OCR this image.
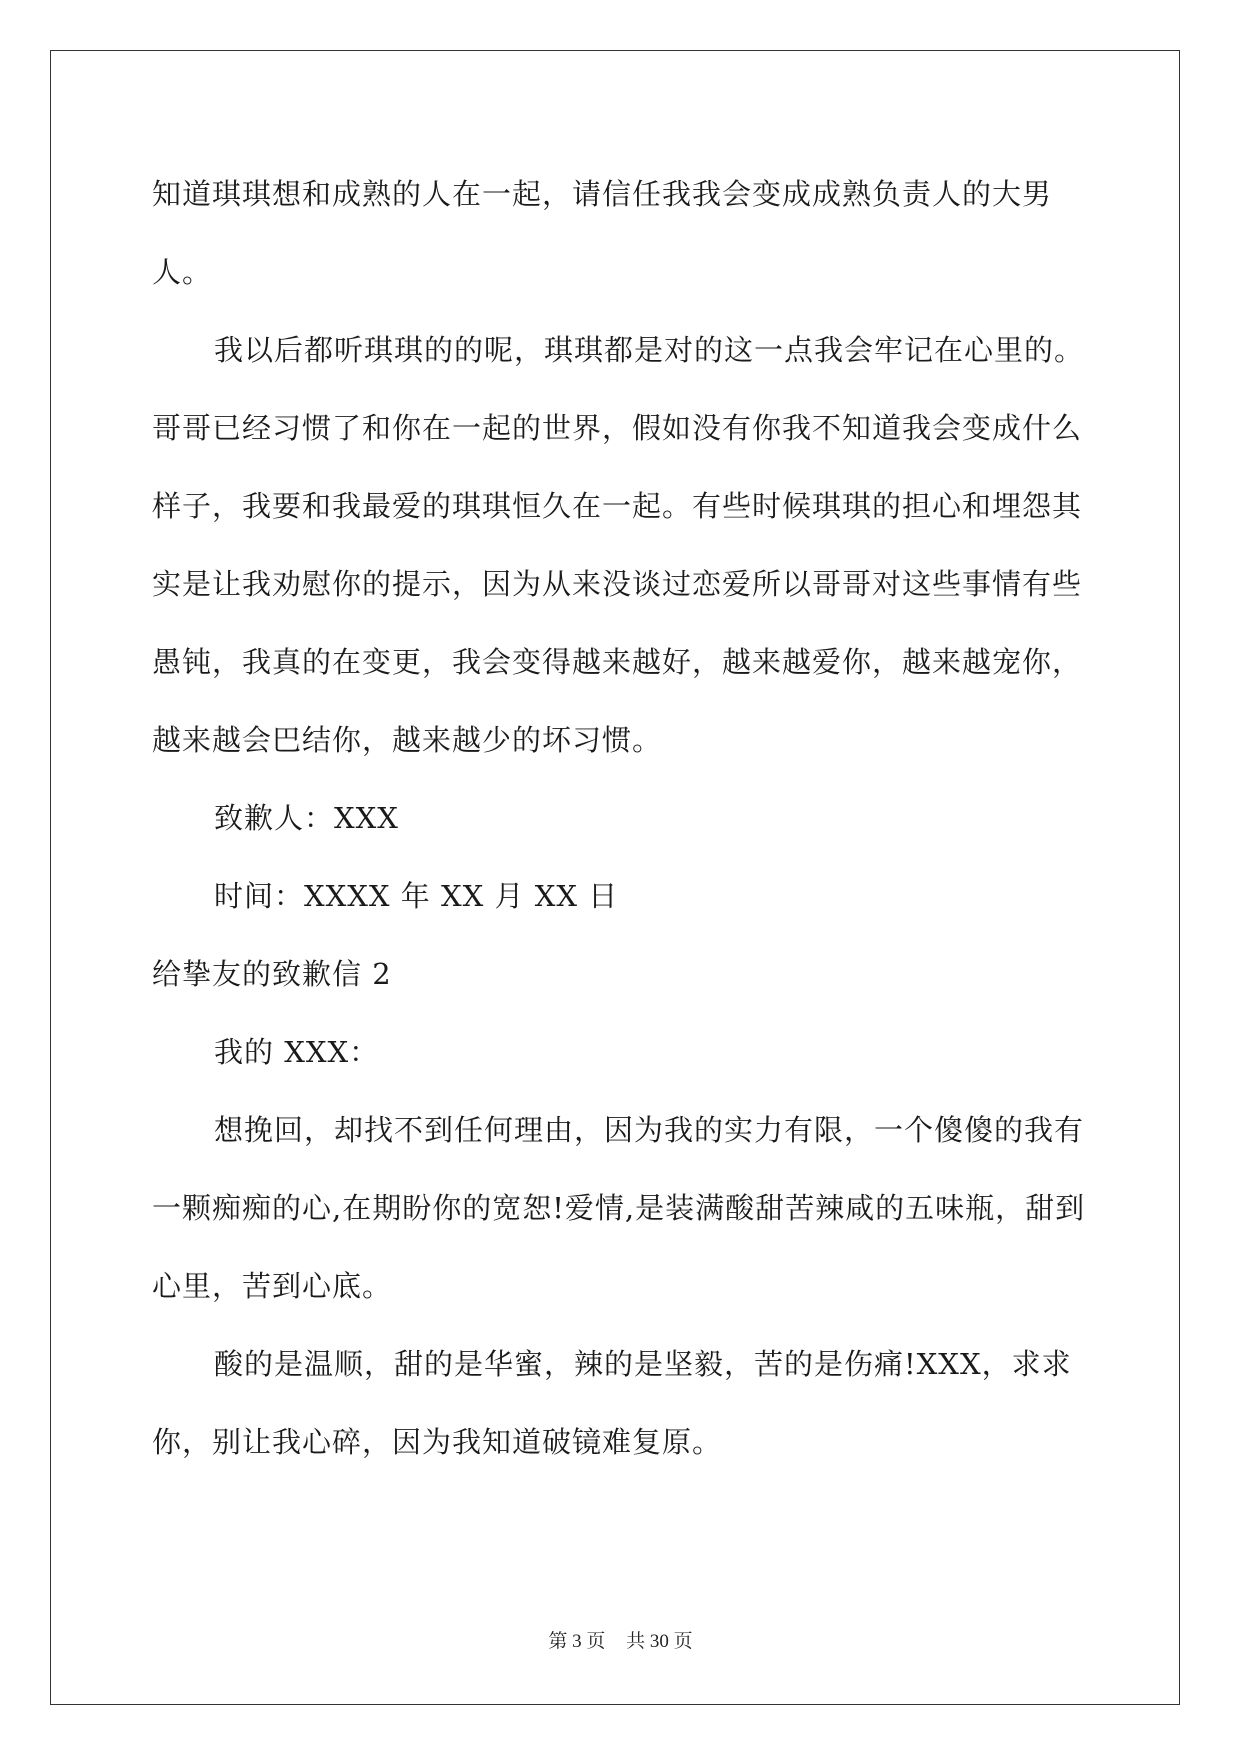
知道琪琪想和成熟的人在一起，请信任我我会变成成熟负责人的大男人。

我以后都听琪琪的的呢，琪琪都是对的这一点我会牢记在心里的。哥哥已经习惯了和你在一起的世界，假如没有你我不知道我会变成什么样子，我要和我最爱的琪琪恒久在一起。有些时候琪琪的担心和埋怨其实是让我劝慰你的提示，因为从来没谈过恋爱所以哥哥对这些事情有些愚钝，我真的在变更，我会变得越来越好，越来越爱你，越来越宠你，越来越会巴结你，越来越少的坏习惯。

致歉人：XXX

时间：XXXX 年 XX 月 XX 日

给挚友的致歉信 2

我的 XXX：

想挽回，却找不到任何理由，因为我的实力有限，一个傻傻的我有一颗痴痴的心,在期盼你的宽恕!爱情,是装满酸甜苦辣咸的五味瓶，甜到心里，苦到心底。

酸的是温顺，甜的是华蜜，辣的是坚毅，苦的是伤痛!XXX，求求你，别让我心碎，因为我知道破镜难复原。

第 3 页 共 30 页
